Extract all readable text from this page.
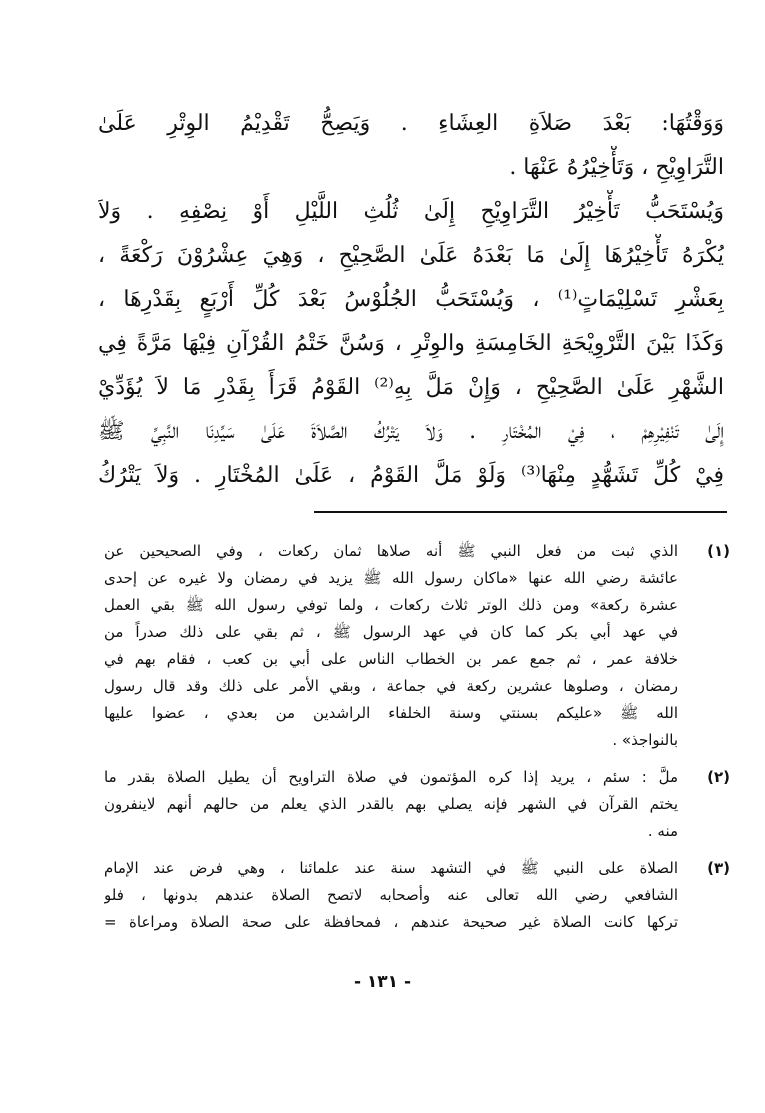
وَوَقْتُهَا: بَعْدَ صَلاَةِ العِشَاءِ . وَيَصِحُّ تَقْدِيْمُ الوِتْرِ عَلَىٰ
التَّرَاوِيْحِ ، وَتَأْخِيْرُهُ عَنْهَا .
وَيُسْتَحَبُّ تَأْخِيْرُ التَّرَاوِيْحِ إِلَىٰ ثُلُثِ اللَّيْلِ أَوْ نِصْفِهِ . وَلاَ
يُكْرَهُ تَأْخِيْرُهَا إِلَىٰ مَا بَعْدَهُ عَلَىٰ الصَّحِيْحِ ، وَهِيَ عِشْرُوْنَ رَكْعَةً ،
بِعَشْرِ تَسْلِيْمَاتٍ⁽¹⁾ ، وَيُسْتَحَبُّ الجُلُوْسُ بَعْدَ كُلِّ أَرْبَعٍ بِقَدْرِهَا ،
وَكَذَا بَيْنَ التَّرْوِيْحَةِ الخَامِسَةِ والوِتْرِ ، وَسُنَّ خَتْمُ القُرْآنِ فِيْهَا مَرَّةً فِي
الشَّهْرِ عَلَىٰ الصَّحِيْحِ ، وَإِنْ مَلَّ بِهِ⁽²⁾ القَوْمُ قَرَأَ بِقَدْرِ مَا لاَ يُؤَدِّيْ
إِلَىٰ تَنْفِيْرِهِمْ ، فِيْ المُخْتَارِ . وَلاَ يَتْرُكُ الصَّلاَةَ عَلَىٰ سَيِّدِنَا النَّبِيِّ ﷺ
فِيْ كُلِّ تَشَهُّدٍ مِنْهَا⁽³⁾ وَلَوْ مَلَّ القَوْمُ ، عَلَىٰ المُخْتَارِ . وَلاَ يَتْرُكُ
(١)
الذي ثبت من فعل النبي ﷺ أنه صلاها ثمان ركعات ، وفي الصحيحين عن
عائشة رضي الله عنها «ماكان رسول الله ﷺ يزيد في رمضان ولا غيره عن إحدى
عشرة ركعة» ومن ذلك الوتر ثلاث ركعات ، ولما توفي رسول الله ﷺ بقي العمل
في عهد أبي بكر كما كان في عهد الرسول ﷺ ، ثم بقي على ذلك صدراً من
خلافة عمر ، ثم جمع عمر بن الخطاب الناس على أبي بن كعب ، فقام بهم في
رمضان ، وصلوها عشرين ركعة في جماعة ، وبقي الأمر على ذلك وقد قال رسول
الله ﷺ «عليكم بسنتي وسنة الخلفاء الراشدين من بعدي ، عضوا عليها
بالنواجذ» .
(٢)
ملَّ : سئم ، يريد إذا كره المؤتمون في صلاة التراويح أن يطيل الصلاة بقدر ما
يختم القرآن في الشهر فإنه يصلي بهم بالقدر الذي يعلم من حالهم أنهم لاينفرون
منه .
(٣)
الصلاة على النبي ﷺ في التشهد سنة عند علمائنا ، وهي فرض عند الإمام
الشافعي رضي الله تعالى عنه وأصحابه لاتصح الصلاة عندهم بدونها ، فلو
تركها كانت الصلاة غير صحيحة عندهم ، فمحافظة على صحة الصلاة ومراعاة =
- ١٣١ -
